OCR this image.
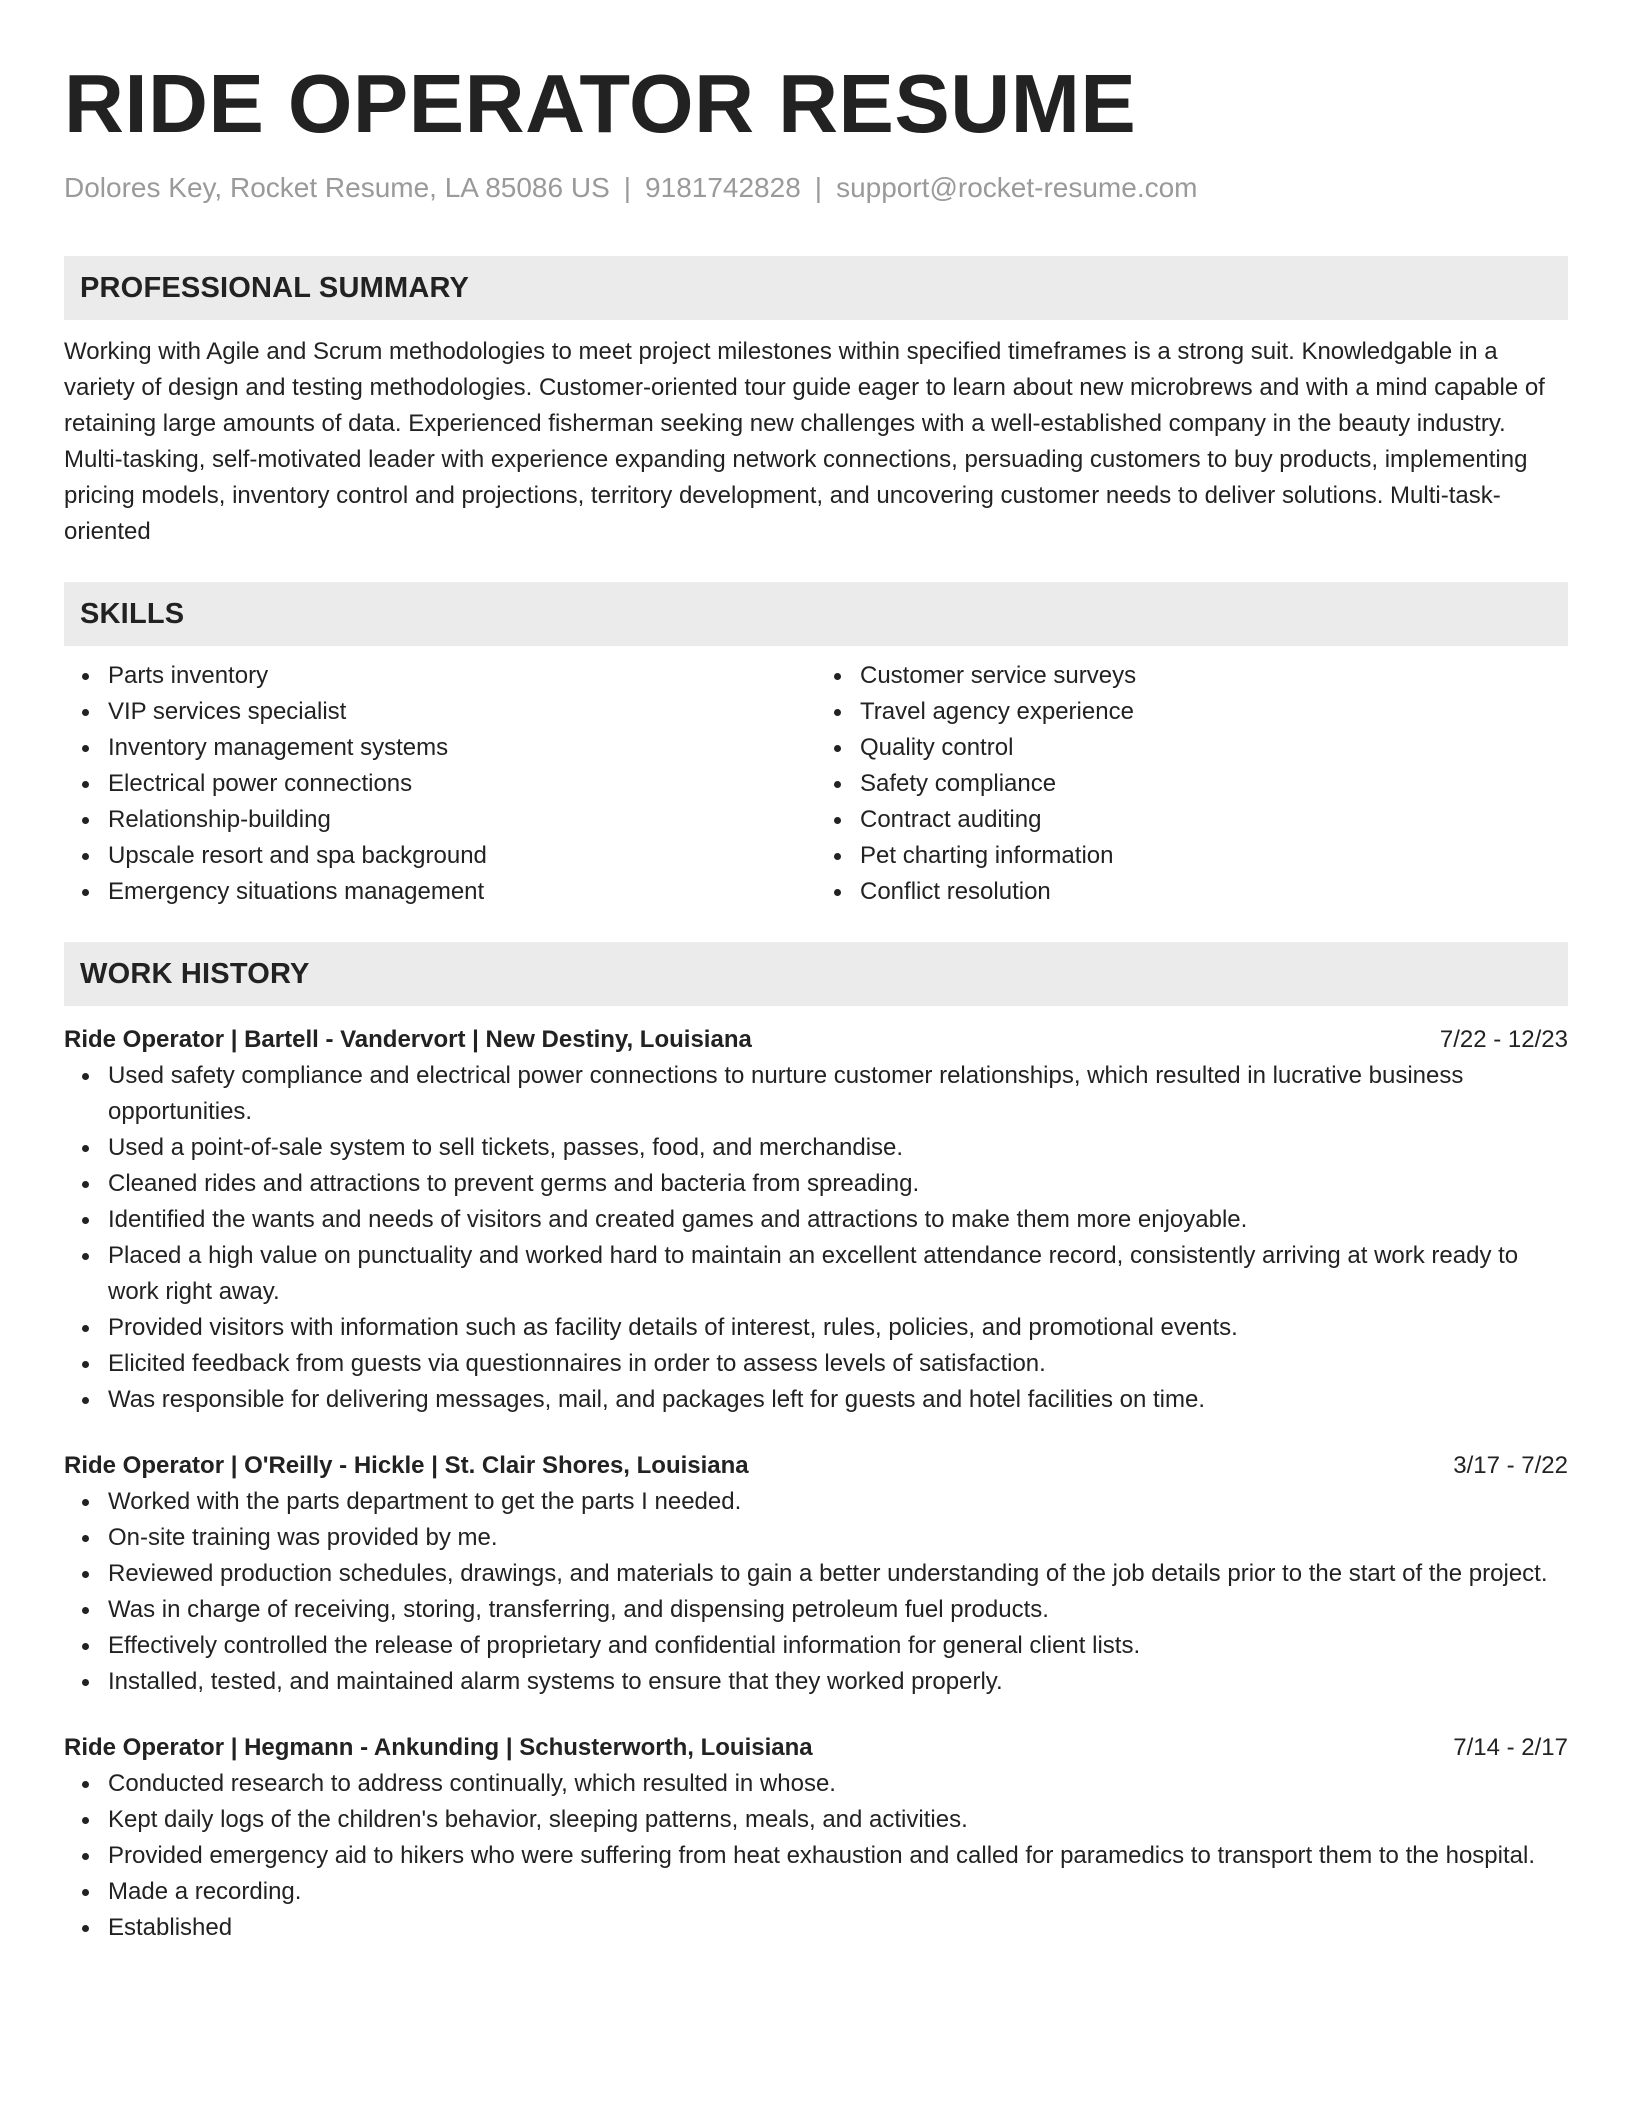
RIDE OPERATOR RESUME
Dolores Key, Rocket Resume, LA 85086 US | 9181742828 | support@rocket-resume.com
PROFESSIONAL SUMMARY
Working with Agile and Scrum methodologies to meet project milestones within specified timeframes is a strong suit. Knowledgable in a variety of design and testing methodologies. Customer-oriented tour guide eager to learn about new microbrews and with a mind capable of retaining large amounts of data. Experienced fisherman seeking new challenges with a well-established company in the beauty industry. Multi-tasking, self-motivated leader with experience expanding network connections, persuading customers to buy products, implementing pricing models, inventory control and projections, territory development, and uncovering customer needs to deliver solutions. Multi-task-oriented
SKILLS
Parts inventory
VIP services specialist
Inventory management systems
Electrical power connections
Relationship-building
Upscale resort and spa background
Emergency situations management
Customer service surveys
Travel agency experience
Quality control
Safety compliance
Contract auditing
Pet charting information
Conflict resolution
WORK HISTORY
Ride Operator | Bartell - Vandervort | New Destiny, Louisiana	7/22 - 12/23
Used safety compliance and electrical power connections to nurture customer relationships, which resulted in lucrative business opportunities.
Used a point-of-sale system to sell tickets, passes, food, and merchandise.
Cleaned rides and attractions to prevent germs and bacteria from spreading.
Identified the wants and needs of visitors and created games and attractions to make them more enjoyable.
Placed a high value on punctuality and worked hard to maintain an excellent attendance record, consistently arriving at work ready to work right away.
Provided visitors with information such as facility details of interest, rules, policies, and promotional events.
Elicited feedback from guests via questionnaires in order to assess levels of satisfaction.
Was responsible for delivering messages, mail, and packages left for guests and hotel facilities on time.
Ride Operator | O'Reilly - Hickle | St. Clair Shores, Louisiana	3/17 - 7/22
Worked with the parts department to get the parts I needed.
On-site training was provided by me.
Reviewed production schedules, drawings, and materials to gain a better understanding of the job details prior to the start of the project.
Was in charge of receiving, storing, transferring, and dispensing petroleum fuel products.
Effectively controlled the release of proprietary and confidential information for general client lists.
Installed, tested, and maintained alarm systems to ensure that they worked properly.
Ride Operator | Hegmann - Ankunding | Schusterworth, Louisiana	7/14 - 2/17
Conducted research to address continually, which resulted in whose.
Kept daily logs of the children's behavior, sleeping patterns, meals, and activities.
Provided emergency aid to hikers who were suffering from heat exhaustion and called for paramedics to transport them to the hospital.
Made a recording.
Established
